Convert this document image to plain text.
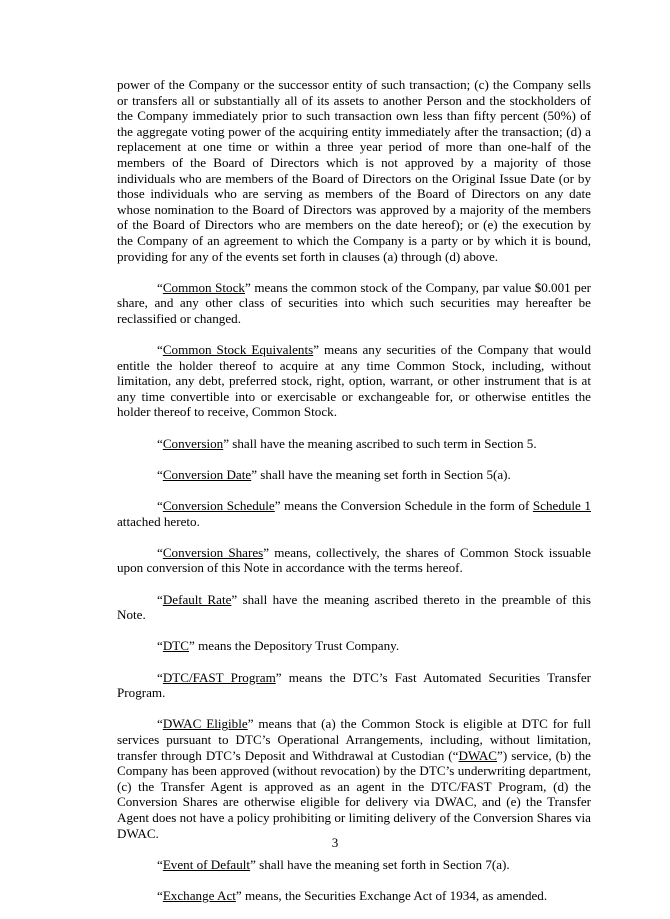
power of the Company or the successor entity of such transaction; (c) the Company sells or transfers all or substantially all of its assets to another Person and the stockholders of the Company immediately prior to such transaction own less than fifty percent (50%) of the aggregate voting power of the acquiring entity immediately after the transaction; (d) a replacement at one time or within a three year period of more than one-half of the members of the Board of Directors which is not approved by a majority of those individuals who are members of the Board of Directors on the Original Issue Date (or by those individuals who are serving as members of the Board of Directors on any date whose nomination to the Board of Directors was approved by a majority of the members of the Board of Directors who are members on the date hereof); or (e) the execution by the Company of an agreement to which the Company is a party or by which it is bound, providing for any of the events set forth in clauses (a) through (d) above.

“Common Stock” means the common stock of the Company, par value $0.001 per share, and any other class of securities into which such securities may hereafter be reclassified or changed.

“Common Stock Equivalents” means any securities of the Company that would entitle the holder thereof to acquire at any time Common Stock, including, without limitation, any debt, preferred stock, right, option, warrant, or other instrument that is at any time convertible into or exercisable or exchangeable for, or otherwise entitles the holder thereof to receive, Common Stock.

“Conversion” shall have the meaning ascribed to such term in Section 5.

“Conversion Date” shall have the meaning set forth in Section 5(a).

“Conversion Schedule” means the Conversion Schedule in the form of Schedule 1 attached hereto.

“Conversion Shares” means, collectively, the shares of Common Stock issuable upon conversion of this Note in accordance with the terms hereof.

“Default Rate” shall have the meaning ascribed thereto in the preamble of this Note.

“DTC” means the Depository Trust Company.

“DTC/FAST Program” means the DTC’s Fast Automated Securities Transfer Program.

“DWAC Eligible” means that (a) the Common Stock is eligible at DTC for full services pursuant to DTC’s Operational Arrangements, including, without limitation, transfer through DTC’s Deposit and Withdrawal at Custodian (“DWAC”) service, (b) the Company has been approved (without revocation) by the DTC’s underwriting department, (c) the Transfer Agent is approved as an agent in the DTC/FAST Program, (d) the Conversion Shares are otherwise eligible for delivery via DWAC, and (e) the Transfer Agent does not have a policy prohibiting or limiting delivery of the Conversion Shares via DWAC.

“Event of Default” shall have the meaning set forth in Section 7(a).

“Exchange Act” means, the Securities Exchange Act of 1934, as amended.

3
